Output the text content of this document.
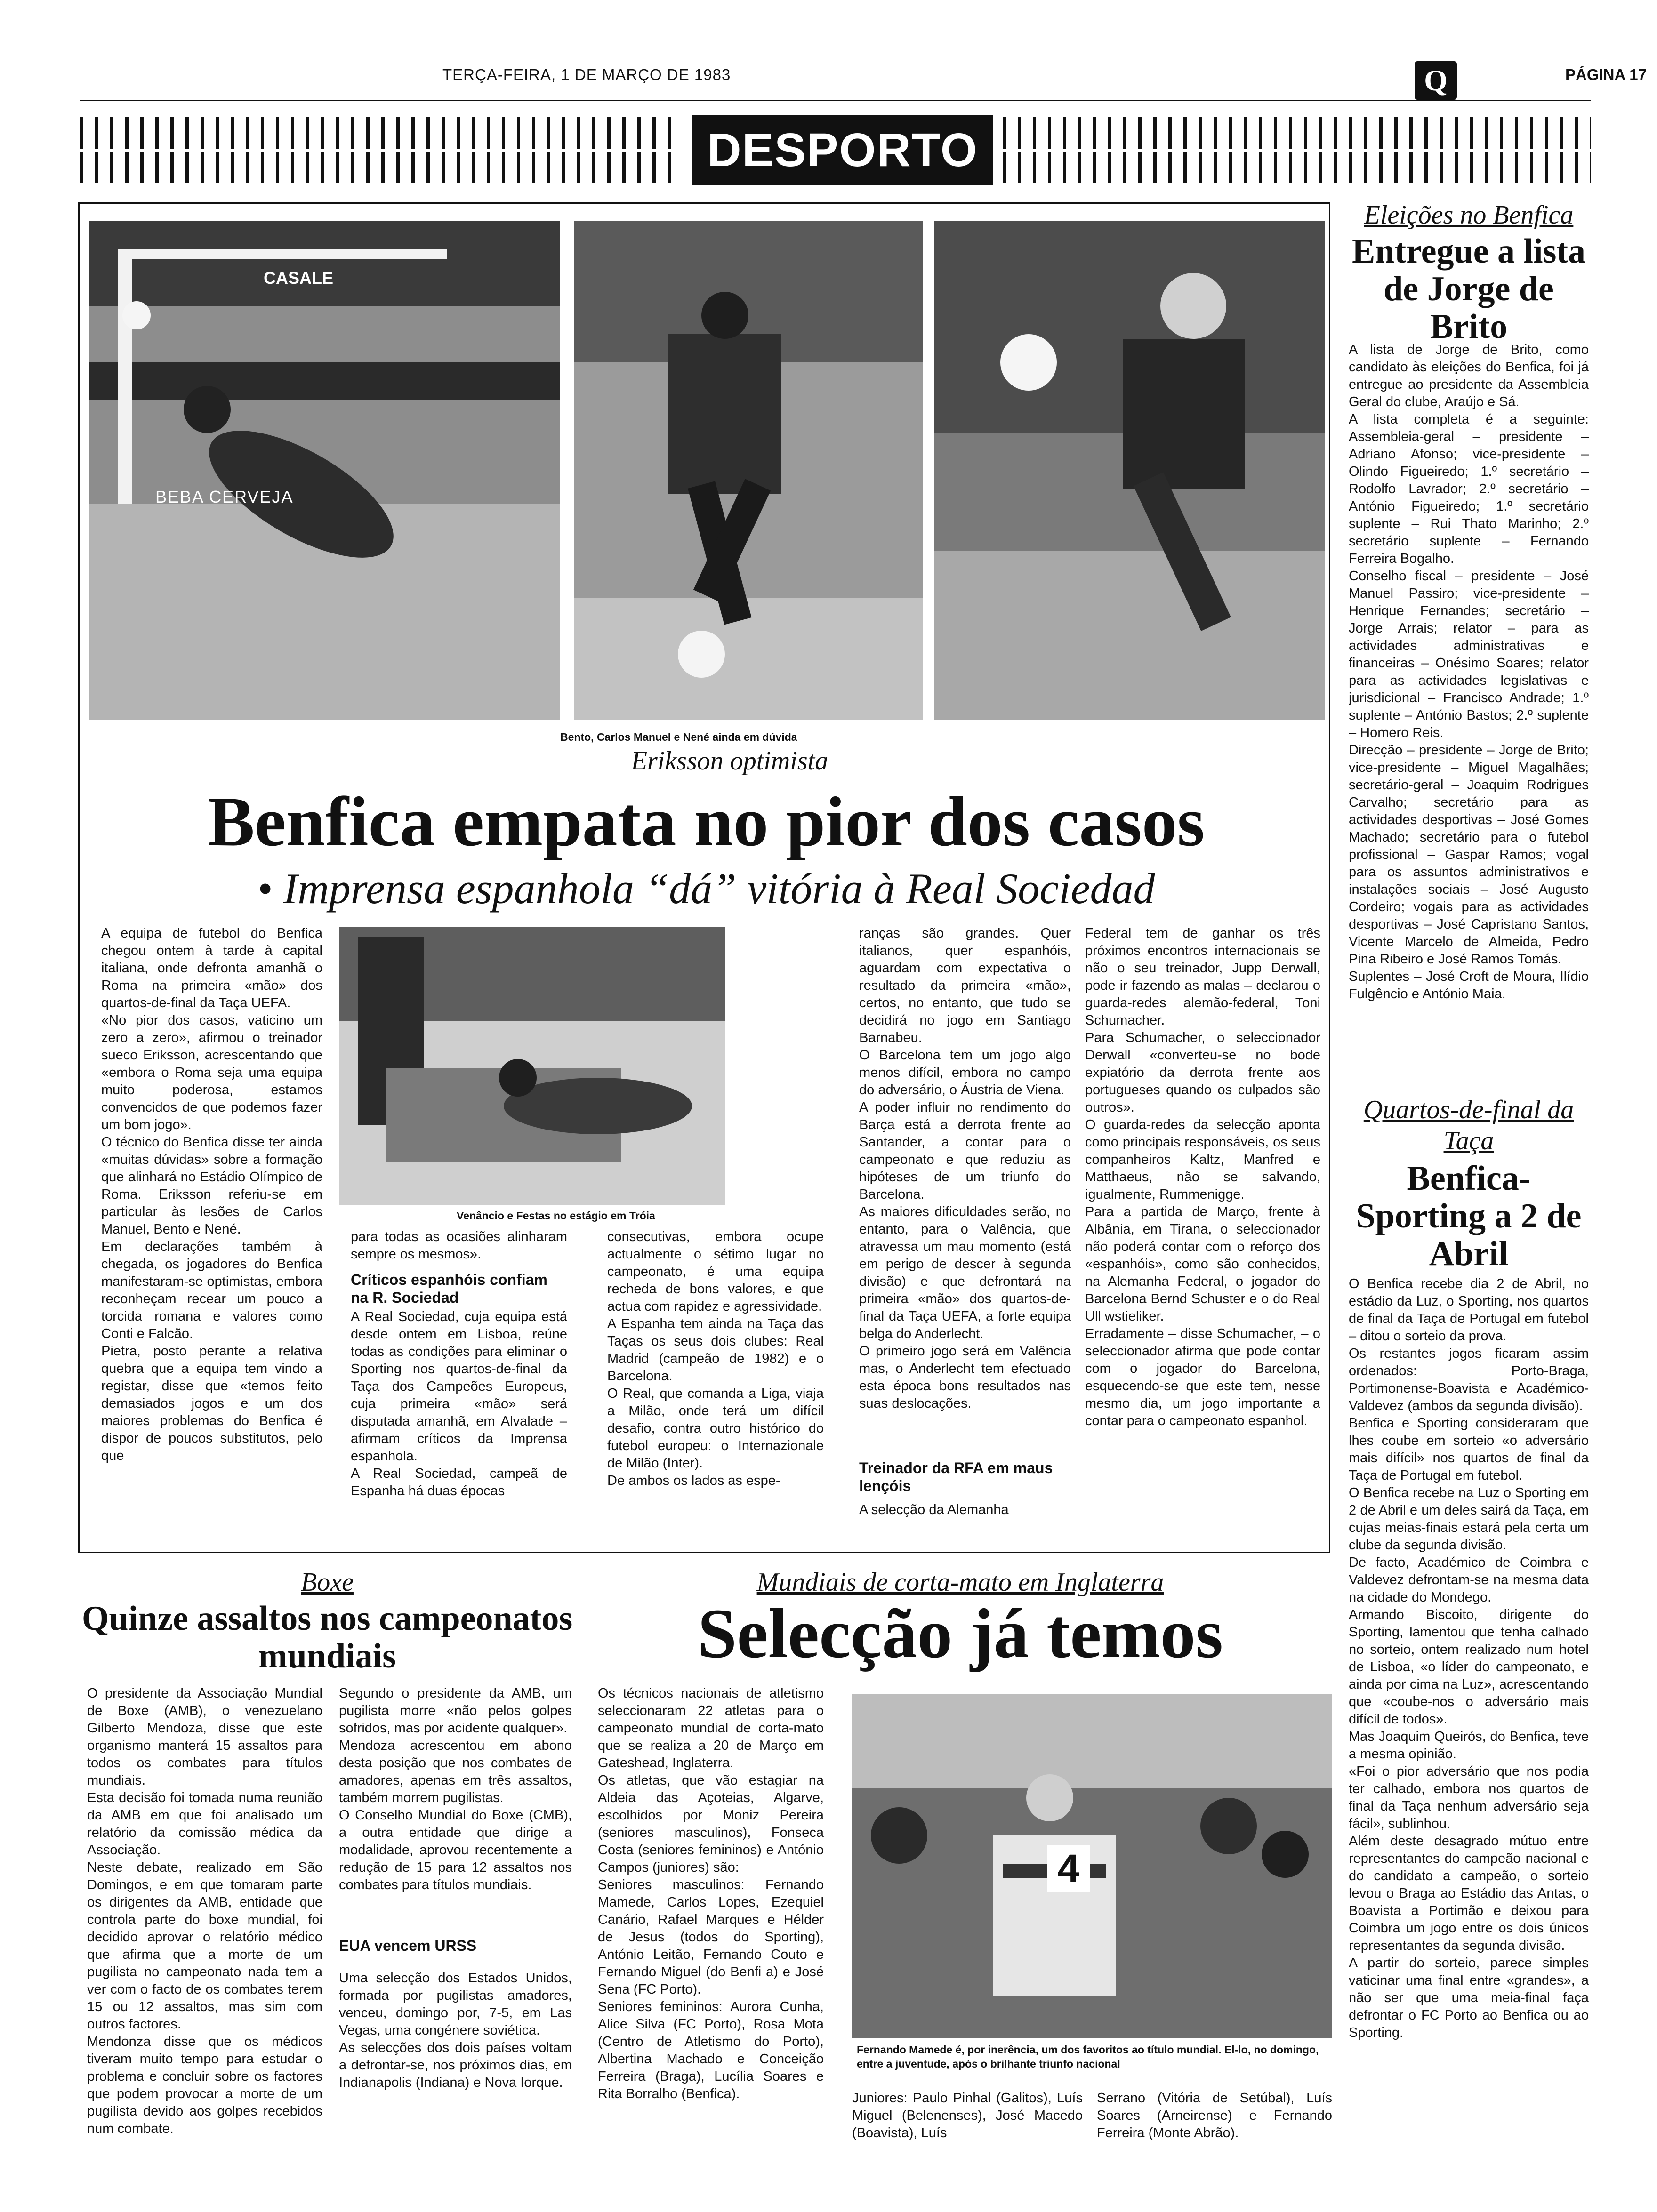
TERÇA-FEIRA, 1 DE MARÇO DE 1983	Q	PÁGINA 17
DESPORTO
CASALE
BEBA CERVEJA
Bento, Carlos Manuel e Nené ainda em dúvida
Eriksson optimista
Benfica empata no pior dos casos
• Imprensa espanhola “dá” vitória à Real Sociedad
A equipa de futebol do Benfica chegou ontem à tarde à capital italiana, onde defronta amanhã o Roma na primeira «mão» dos quartos-de-final da Taça UEFA.
«No pior dos casos, vaticino um zero a zero», afirmou o treinador sueco Eriksson, acrescentando que «embora o Roma seja uma equipa muito poderosa, estamos convencidos de que podemos fazer um bom jogo».
O técnico do Benfica disse ter ainda «muitas dúvidas» sobre a formação que alinhará no Estádio Olímpico de Roma. Eriksson referiu-se em particular às lesões de Carlos Manuel, Bento e Nené.
Em declarações também à chegada, os jogadores do Benfica manifestaram-se optimistas, embora reconheçam recear um pouco a torcida romana e valores como Conti e Falcão.
Pietra, posto perante a relativa quebra que a equipa tem vindo a registar, disse que «temos feito demasiados jogos e um dos maiores problemas do Benfica é dispor de poucos substitutos, pelo que
Venâncio e Festas no estágio em Tróia
para todas as ocasiões alinharam sempre os mesmos».
Críticos espanhóis confiam na R. Sociedad
A Real Sociedad, cuja equipa está desde ontem em Lisboa, reúne todas as condições para eliminar o Sporting nos quartos-de-final da Taça dos Campeões Europeus, cuja primeira «mão» será disputada amanhã, em Alvalade – afirmam críticos da Imprensa espanhola.
A Real Sociedad, campeã de Espanha há duas épocas
consecutivas, embora ocupe actualmente o sétimo lugar no campeonato, é uma equipa recheda de bons valores, e que actua com rapidez e agressividade.
A Espanha tem ainda na Taça das Taças os seus dois clubes: Real Madrid (campeão de 1982) e o Barcelona.
O Real, que comanda a Liga, viaja a Milão, onde terá um difícil desafio, contra outro histórico do futebol europeu: o Internazionale de Milão (Inter).
De ambos os lados as espe-
ranças são grandes. Quer italianos, quer espanhóis, aguardam com expectativa o resultado da primeira «mão», certos, no entanto, que tudo se decidirá no jogo em Santiago Barnabeu.
O Barcelona tem um jogo algo menos difícil, embora no campo do adversário, o Áustria de Viena.
A poder influir no rendimento do Barça está a derrota frente ao Santander, a contar para o campeonato e que reduziu as hipóteses de um triunfo do Barcelona.
As maiores dificuldades serão, no entanto, para o Valência, que atravessa um mau momento (está em perigo de descer à segunda divisão) e que defrontará na primeira «mão» dos quartos-de-final da Taça UEFA, a forte equipa belga do Anderlecht.
O primeiro jogo será em Valência mas, o Anderlecht tem efectuado esta época bons resultados nas suas deslocações.
Treinador da RFA em maus lençóis
A selecção da Alemanha
Federal tem de ganhar os três próximos encontros internacionais se não o seu treinador, Jupp Derwall, pode ir fazendo as malas – declarou o guarda-redes alemão-federal, Toni Schumacher.
Para Schumacher, o seleccionador Derwall «converteu-se no bode expiatório da derrota frente aos portugueses quando os culpados são outros».
O guarda-redes da selecção aponta como principais responsáveis, os seus companheiros Kaltz, Manfred e Matthaeus, não se salvando, igualmente, Rummenigge.
Para a partida de Março, frente à Albânia, em Tirana, o seleccionador não poderá contar com o reforço dos «espanhóis», como são conhecidos, na Alemanha Federal, o jogador do Barcelona Bernd Schuster e o do Real Ull wstieliker.
Erradamente – disse Schumacher, – o seleccionador afirma que pode contar com o jogador do Barcelona, esquecendo-se que este tem, nesse mesmo dia, um jogo importante a contar para o campeonato espanhol.
Eleições no Benfica
Entregue a lista de Jorge de Brito
A lista de Jorge de Brito, como candidato às eleições do Benfica, foi já entregue ao presidente da Assembleia Geral do clube, Araújo e Sá.
A lista completa é a seguinte: Assembleia-geral – presidente – Adriano Afonso; vice-presidente – Olindo Figueiredo; 1.º secretário – Rodolfo Lavrador; 2.º secretário – António Figueiredo; 1.º secretário suplente – Rui Thato Marinho; 2.º secretário suplente – Fernando Ferreira Bogalho.
Conselho fiscal – presidente – José Manuel Passiro; vice-presidente – Henrique Fernandes; secretário – Jorge Arrais; relator – para as actividades administrativas e financeiras – Onésimo Soares; relator para as actividades legislativas e jurisdicional – Francisco Andrade; 1.º suplente – António Bastos; 2.º suplente – Homero Reis.
Direcção – presidente – Jorge de Brito; vice-presidente – Miguel Magalhães; secretário-geral – Joaquim Rodrigues Carvalho; secretário para as actividades desportivas – José Gomes Machado; secretário para o futebol profissional – Gaspar Ramos; vogal para os assuntos administrativos e instalações sociais – José Augusto Cordeiro; vogais para as actividades desportivas – José Capristano Santos, Vicente Marcelo de Almeida, Pedro Pina Ribeiro e José Ramos Tomás.
Suplentes – José Croft de Moura, Ilídio Fulgêncio e António Maia.
Quartos-de-final da Taça
Benfica-Sporting a 2 de Abril
O Benfica recebe dia 2 de Abril, no estádio da Luz, o Sporting, nos quartos de final da Taça de Portugal em futebol – ditou o sorteio da prova.
Os restantes jogos ficaram assim ordenados: Porto-Braga, Portimonense-Boavista e Académico-Valdevez (ambos da segunda divisão).
Benfica e Sporting consideraram que lhes coube em sorteio «o adversário mais difícil» nos quartos de final da Taça de Portugal em futebol.
O Benfica recebe na Luz o Sporting em 2 de Abril e um deles sairá da Taça, em cujas meias-finais estará pela certa um clube da segunda divisão.
De facto, Académico de Coimbra e Valdevez defrontam-se na mesma data na cidade do Mondego.
Armando Biscoito, dirigente do Sporting, lamentou que tenha calhado no sorteio, ontem realizado num hotel de Lisboa, «o líder do campeonato, e ainda por cima na Luz», acrescentando que «coube-nos o adversário mais difícil de todos».
Mas Joaquim Queirós, do Benfica, teve a mesma opinião.
«Foi o pior adversário que nos podia ter calhado, embora nos quartos de final da Taça nenhum adversário seja fácil», sublinhou.
Além deste desagrado mútuo entre representantes do campeão nacional e do candidato a campeão, o sorteio levou o Braga ao Estádio das Antas, o Boavista a Portimão e deixou para Coimbra um jogo entre os dois únicos representantes da segunda divisão.
A partir do sorteio, parece simples vaticinar uma final entre «grandes», a não ser que uma meia-final faça defrontar o FC Porto ao Benfica ou ao Sporting.
Boxe
Quinze assaltos nos campeonatos mundiais
O presidente da Associação Mundial de Boxe (AMB), o venezuelano Gilberto Mendoza, disse que este organismo manterá 15 assaltos para todos os combates para títulos mundiais.
Esta decisão foi tomada numa reunião da AMB em que foi analisado um relatório da comissão médica da Associação.
Neste debate, realizado em São Domingos, e em que tomaram parte os dirigentes da AMB, entidade que controla parte do boxe mundial, foi decidido aprovar o relatório médico que afirma que a morte de um pugilista no campeonato nada tem a ver com o facto de os combates terem 15 ou 12 assaltos, mas sim com outros factores.
Mendonza disse que os médicos tiveram muito tempo para estudar o problema e concluir sobre os factores que podem provocar a morte de um pugilista devido aos golpes recebidos num combate.
Segundo o presidente da AMB, um pugilista morre «não pelos golpes sofridos, mas por acidente qualquer».
Mendoza acrescentou em abono desta posição que nos combates de amadores, apenas em três assaltos, também morrem pugilistas.
O Conselho Mundial do Boxe (CMB), a outra entidade que dirige a modalidade, aprovou recentemente a redução de 15 para 12 assaltos nos combates para títulos mundiais.
EUA vencem URSS
Uma selecção dos Estados Unidos, formada por pugilistas amadores, venceu, domingo por, 7-5, em Las Vegas, uma congénere soviética.
As selecções dos dois países voltam a defrontar-se, nos próximos dias, em Indianapolis (Indiana) e Nova Iorque.
Mundiais de corta-mato em Inglaterra
Selecção já temos
Os técnicos nacionais de atletismo seleccionaram 22 atletas para o campeonato mundial de corta-mato que se realiza a 20 de Março em Gateshead, Inglaterra.
Os atletas, que vão estagiar na Aldeia das Açoteias, Algarve, escolhidos por Moniz Pereira (seniores masculinos), Fonseca Costa (seniores femininos) e António Campos (juniores) são:
Seniores masculinos: Fernando Mamede, Carlos Lopes, Ezequiel Canário, Rafael Marques e Hélder de Jesus (todos do Sporting), António Leitão, Fernando Couto e Fernando Miguel (do Benfi a) e José Sena (FC Porto).
Seniores femininos: Aurora Cunha, Alice Silva (FC Porto), Rosa Mota (Centro de Atletismo do Porto), Albertina Machado e Conceição Ferreira (Braga), Lucília Soares e Rita Borralho (Benfica).
4
Fernando Mamede é, por inerência, um dos favoritos ao título mundial. El-lo, no domingo, entre a juventude, após o brilhante triunfo nacional
Juniores: Paulo Pinhal (Galitos), Luís Miguel (Belenenses), José Macedo (Boavista), Luís
Serrano (Vitória de Setúbal), Luís Soares (Arneirense) e Fernando Ferreira (Monte Abrão).
